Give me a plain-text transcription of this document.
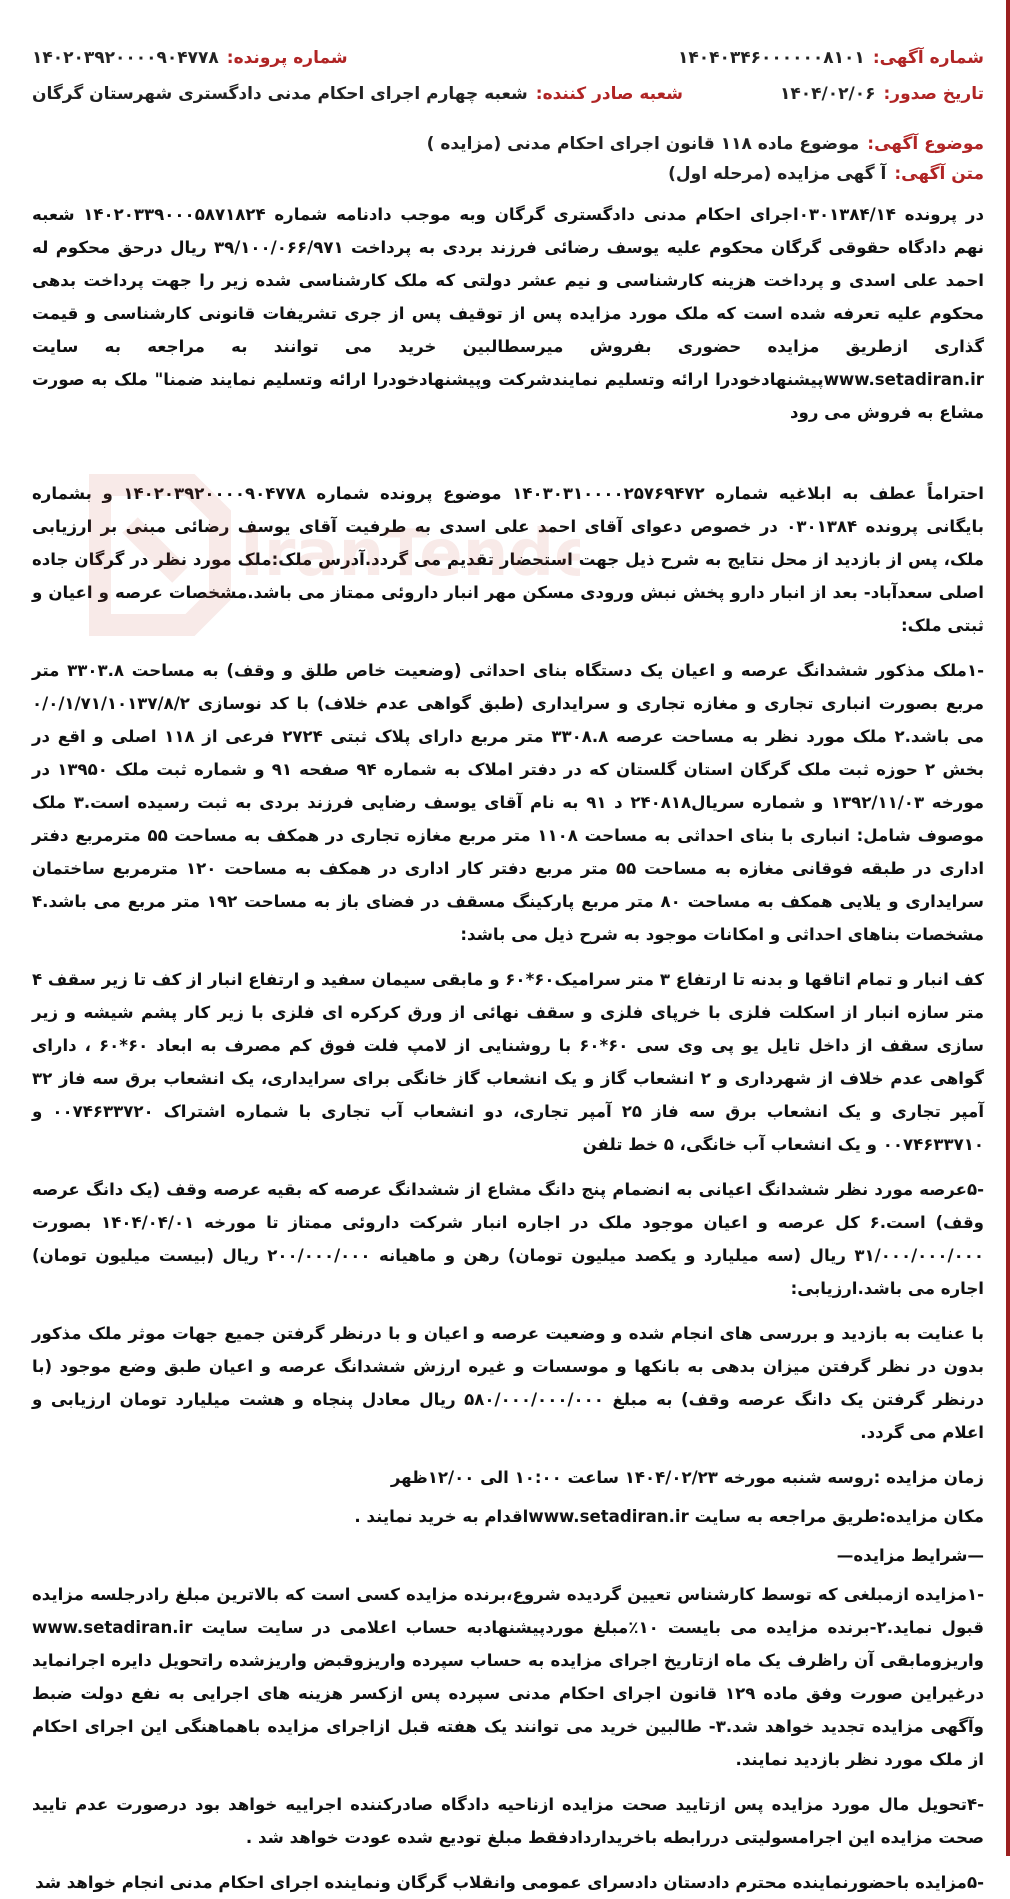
IranTende
شماره آگهی:
۱۴۰۴۰۳۴۶۰۰۰۰۰۰۸۱۰۱
شماره پرونده:
۱۴۰۲۰۳۹۲۰۰۰۰۹۰۴۷۷۸
تاریخ صدور:
۱۴۰۴/۰۲/۰۶
شعبه صادر کننده:
شعبه چهارم اجرای احکام مدنی دادگستری شهرستان گرگان
موضوع آگهی:
موضوع ماده ۱۱۸ قانون اجرای احکام مدنی (مزایده )
متن آگهی:
آ گهی مزایده (مرحله اول)

در پرونده ۰۳۰۱۳۸۴/۱۴اجرای احکام مدنی دادگستری گرگان وبه موجب دادنامه شماره ۱۴۰۲۰۳۳۹۰۰۰۵۸۷۱۸۲۴ شعبه نهم دادگاه حقوقی گرگان محکوم علیه یوسف رضائی فرزند بردی به پرداخت ۳۹/۱۰۰/۰۶۶/۹۷۱ ریال درحق محکوم له احمد علی اسدی و پرداخت هزینه کارشناسی و نیم عشر دولتی که ملک کارشناسی شده زیر را جهت پرداخت بدهی محکوم علیه تعرفه شده است که ملک مورد مزایده پس از توقیف پس از جری تشریفات قانونی کارشناسی و قیمت گذاری ازطریق مزایده حضوری بفروش میرسطالبین خرید می توانند به مراجعه به سایت www.setadiran.irپیشنهادخودرا ارائه وتسلیم نمایندشرکت وپیشنهادخودرا ارائه وتسلیم نمایند ضمنا" ملک به صورت مشاع به فروش می رود

احتراماً عطف به ابلاغیه شماره ۱۴۰۳۰۳۱۰۰۰۰۲۵۷۶۹۴۷۲ موضوع پرونده شماره ۱۴۰۲۰۳۹۲۰۰۰۰۹۰۴۷۷۸ و بشماره بایگانی پرونده ۰۳۰۱۳۸۴ در خصوص دعوای آقای احمد علی اسدی به طرفیت آقای یوسف رضائی مبنی بر ارزیابی ملک، پس از بازدید از محل نتایج به شرح ذیل جهت استحضار تقدیم می گردد.آدرس ملک:ملک مورد نظر در گرگان جاده اصلی سعدآباد- بعد از انبار دارو پخش نبش ورودی مسکن مهر انبار داروئی ممتاز می باشد.مشخصات عرصه و اعیان و ثبتی ملک:

-۱ملک مذکور ششدانگ عرصه و اعیان یک دستگاه بنای احداثی (وضعیت خاص طلق و وقف) به مساحت ۳۳۰۳.۸ متر مربع بصورت انباری تجاری و مغازه تجاری و سرایداری (طبق گواهی عدم خلاف) با کد نوسازی ۰/۰/۱/۷۱/۱۰۱۳۷/۸/۲ می باشد.۲ ملک مورد نظر به مساحت عرصه ۳۳۰۸.۸ متر مربع دارای پلاک ثبتی ۲۷۲۴ فرعی از ۱۱۸ اصلی و اقع در بخش ۲ حوزه ثبت ملک گرگان استان گلستان که در دفتر املاک به شماره ۹۴ صفحه ۹۱ و شماره ثبت ملک ۱۳۹۵۰ در مورخه ۱۳۹۲/۱۱/۰۳ و شماره سریال۲۴۰۸۱۸ د ۹۱ به نام آقای یوسف رضایی فرزند بردی به ثبت رسیده است.۳ ملک موصوف شامل: انباری با بنای احداثی به مساحت ۱۱۰۸ متر مربع مغازه تجاری در همکف به مساحت ۵۵ مترمربع دفتر اداری در طبقه فوقانی مغازه به مساحت ۵۵ متر مربع دفتر کار اداری در همکف به مساحت ۱۲۰ مترمربع ساختمان سرایداری و یلایی همکف به مساحت ۸۰ متر مربع پارکینگ مسقف در فضای باز به مساحت ۱۹۲ متر مربع می باشد.۴ مشخصات بناهای احداثی و امکانات موجود به شرح ذیل می باشد:

کف انبار و تمام اتاقها و بدنه تا ارتفاع ۳ متر سرامیک۶۰*۶۰ و مابقی سیمان سفید و ارتفاع انبار از کف تا زیر سقف ۴ متر سازه انبار از اسکلت فلزی با خرپای فلزی و سقف نهائی از ورق کرکره ای فلزی با زیر کار پشم شیشه و زیر سازی سقف از داخل تایل یو پی وی سی ۶۰*۶۰ با روشنایی از لامپ فلت فوق کم مصرف به ابعاد ۶۰*۶۰ ، دارای گواهی عدم خلاف از شهرداری و ۲ انشعاب گاز و یک انشعاب گاز خانگی برای سرایداری، یک انشعاب برق سه فاز ۳۲ آمپر تجاری و یک انشعاب برق سه فاز ۲۵ آمپر تجاری، دو انشعاب آب تجاری با شماره اشتراک ۰۰۷۴۶۳۳۷۲۰ و ۰۰۷۴۶۳۳۷۱۰ و یک انشعاب آب خانگی، ۵ خط تلفن

-۵عرصه مورد نظر ششدانگ اعیانی به انضمام پنج دانگ مشاع از ششدانگ عرصه که بقیه عرصه وقف (یک دانگ عرصه وقف) است.۶ کل عرصه و اعیان موجود ملک در اجاره انبار شرکت داروئی ممتاز تا مورخه ۱۴۰۴/۰۴/۰۱ بصورت ۳۱/۰۰۰/۰۰۰/۰۰۰ ریال (سه میلیارد و یکصد میلیون تومان) رهن و ماهیانه ۲۰۰/۰۰۰/۰۰۰ ریال (بیست میلیون تومان) اجاره می باشد.ارزیابی:

با عنایت به بازدید و بررسی های انجام شده و وضعیت عرصه و اعیان و با درنظر گرفتن جمیع جهات موثر ملک مذکور بدون در نظر گرفتن میزان بدهی به بانکها و موسسات و غیره ارزش ششدانگ عرصه و اعیان طبق وضع موجود (با درنظر گرفتن یک دانگ عرصه وقف) به مبلغ ۵۸۰/۰۰۰/۰۰۰/۰۰۰ ریال معادل پنجاه و هشت میلیارد تومان ارزیابی و اعلام می گردد.

زمان مزایده :روسه شنبه مورخه ۱۴۰۴/۰۲/۲۳ ساعت ۱۰:۰۰ الی ۱۲/۰۰ظهر
مکان مزایده:طریق مراجعه به سایت www.setadiran.irاقدام به خرید نمایند .
—شرایط مزایده—

-۱مزایده ازمبلغی که توسط کارشناس تعیین گردیده شروع،برنده مزایده کسی است که بالاترین مبلغ رادرجلسه مزایده قبول نماید.۲-برنده مزایده می بایست ۱۰٪مبلغ موردپیشنهادبه حساب اعلامی در سایت سایت www.setadiran.ir واریزومابقی آن راظرف یک ماه ازتاریخ اجرای مزایده به حساب سپرده واریزوقبض واریزشده راتحویل دایره اجرانماید درغیراین صورت وفق ماده ۱۲۹ قانون اجرای احکام مدنی سپرده پس ازکسر هزینه های اجرایی به نفع دولت ضبط وآگهی مزایده تجدید خواهد شد.۳- طالبین خرید می توانند یک هفته قبل ازاجرای مزایده باهماهنگی این اجرای احکام از ملک مورد نظر بازدید نمایند.

-۴تحویل مال مورد مزایده پس ازتایید صحت مزایده ازناحیه دادگاه صادرکننده اجراییه خواهد بود درصورت عدم تایید صحت مزایده این اجرامسولیتی دررابطه باخریداردادفقط مبلغ تودیع شده عودت خواهد شد .

-۵مزایده باحضورنماینده محترم دادستان دادسرای عمومی وانقلاب گرگان ونماینده اجرای احکام مدنی انجام خواهد شد
